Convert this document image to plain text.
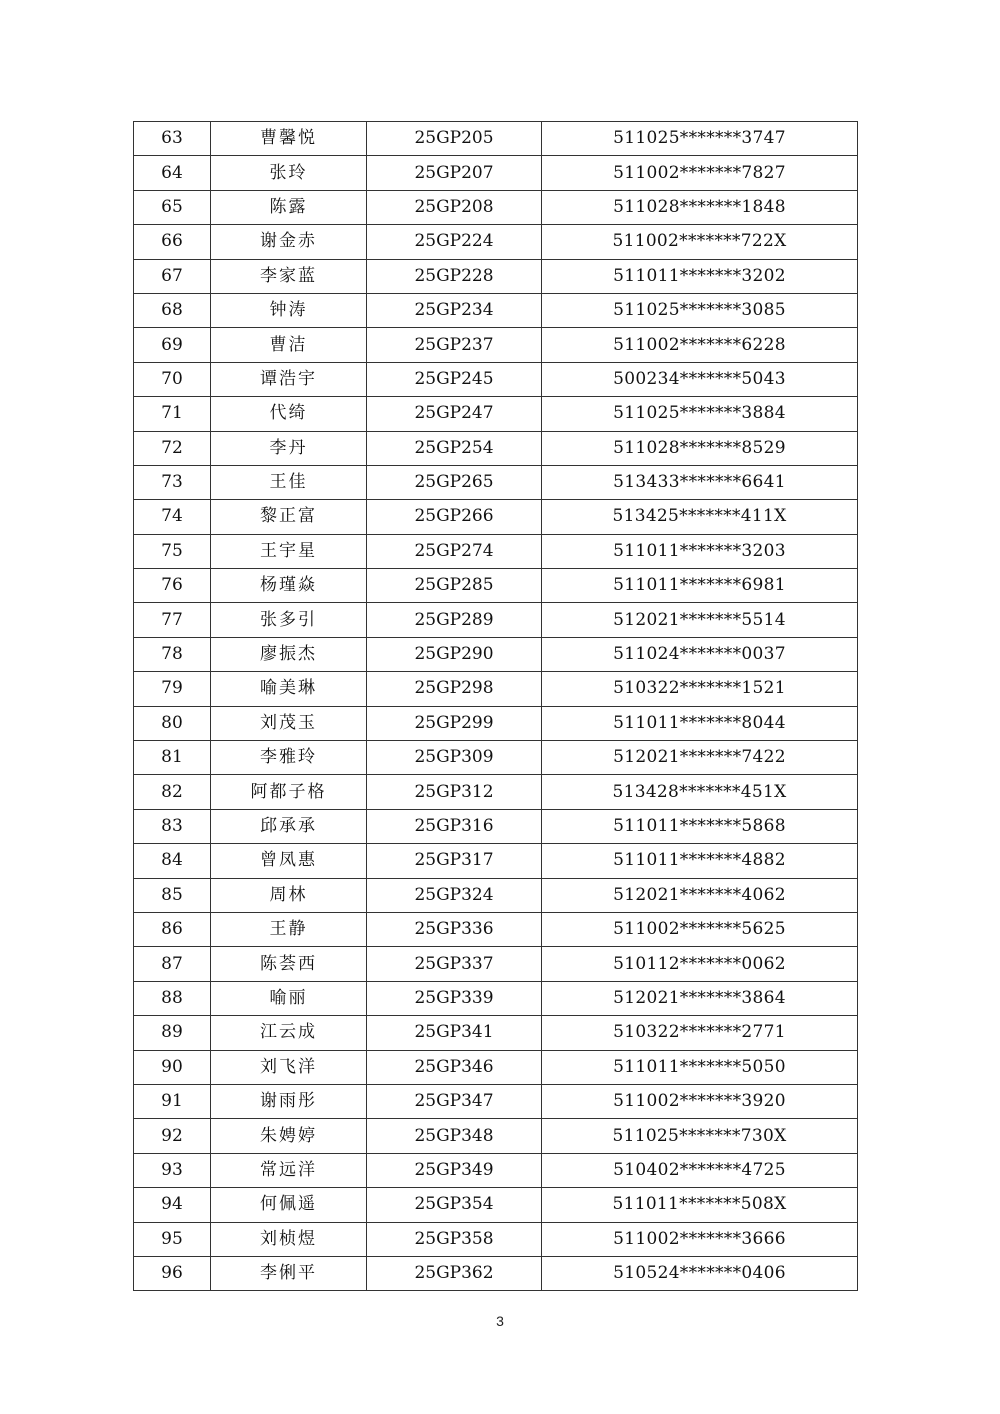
63	曹馨悦	25GP205	511025*******3747
64	张玲	25GP207	511002*******7827
65	陈露	25GP208	511028*******1848
66	谢金赤	25GP224	511002*******722X
67	李家蓝	25GP228	511011*******3202
68	钟涛	25GP234	511025*******3085
69	曹洁	25GP237	511002*******6228
70	谭浩宇	25GP245	500234*******5043
71	代绮	25GP247	511025*******3884
72	李丹	25GP254	511028*******8529
73	王佳	25GP265	513433*******6641
74	黎正富	25GP266	513425*******411X
75	王宇星	25GP274	511011*******3203
76	杨瑾焱	25GP285	511011*******6981
77	张多引	25GP289	512021*******5514
78	廖振杰	25GP290	511024*******0037
79	喻美琳	25GP298	510322*******1521
80	刘茂玉	25GP299	511011*******8044
81	李雅玲	25GP309	512021*******7422
82	阿都子格	25GP312	513428*******451X
83	邱承承	25GP316	511011*******5868
84	曾凤惠	25GP317	511011*******4882
85	周林	25GP324	512021*******4062
86	王静	25GP336	511002*******5625
87	陈荟西	25GP337	510112*******0062
88	喻丽	25GP339	512021*******3864
89	江云成	25GP341	510322*******2771
90	刘飞洋	25GP346	511011*******5050
91	谢雨彤	25GP347	511002*******3920
92	朱娉婷	25GP348	511025*******730X
93	常远洋	25GP349	510402*******4725
94	何佩遥	25GP354	511011*******508X
95	刘桢煜	25GP358	511002*******3666
96	李俐平	25GP362	510524*******0406
3
